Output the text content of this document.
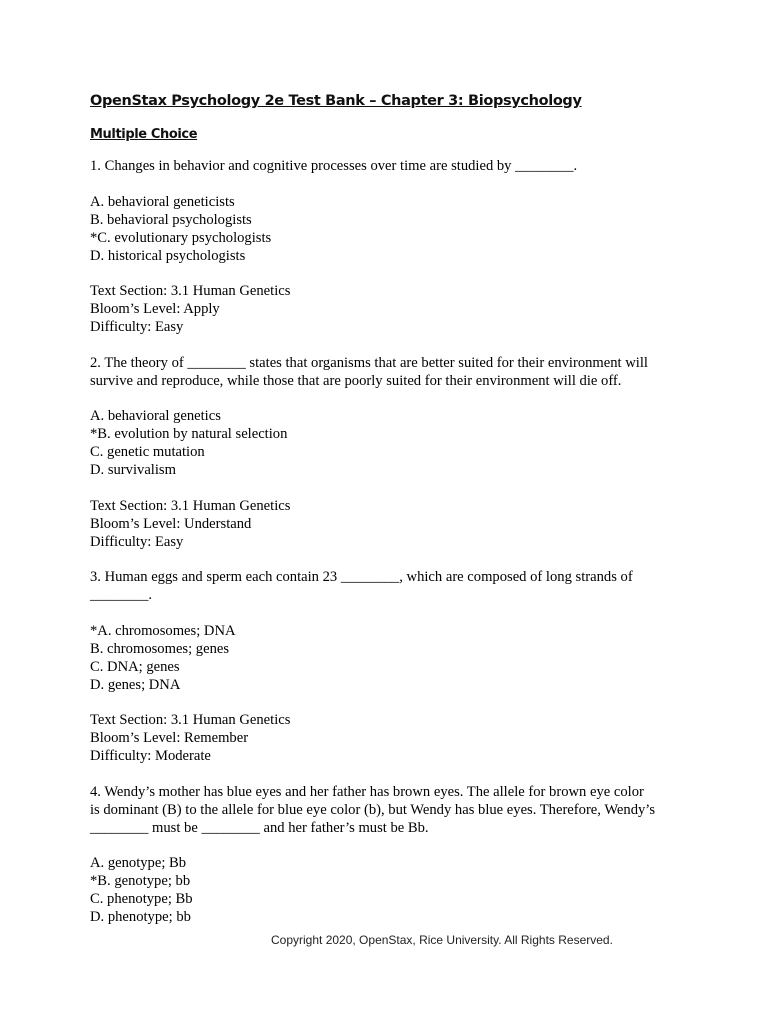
OpenStax Psychology 2e Test Bank – Chapter 3: Biopsychology
Multiple Choice
1. Changes in behavior and cognitive processes over time are studied by ________.
A. behavioral geneticists
B. behavioral psychologists
*C. evolutionary psychologists
D. historical psychologists
Text Section: 3.1 Human Genetics
Bloom’s Level: Apply
Difficulty: Easy
2. The theory of ________ states that organisms that are better suited for their environment will
survive and reproduce, while those that are poorly suited for their environment will die off.
A. behavioral genetics
*B. evolution by natural selection
C. genetic mutation
D. survivalism
Text Section: 3.1 Human Genetics
Bloom’s Level: Understand
Difficulty: Easy
3. Human eggs and sperm each contain 23 ________, which are composed of long strands of
________.
*A. chromosomes; DNA
B. chromosomes; genes
C. DNA; genes
D. genes; DNA
Text Section: 3.1 Human Genetics
Bloom’s Level: Remember
Difficulty: Moderate
4. Wendy’s mother has blue eyes and her father has brown eyes. The allele for brown eye color
is dominant (B) to the allele for blue eye color (b), but Wendy has blue eyes. Therefore, Wendy’s
________ must be ________ and her father’s must be Bb.
A. genotype; Bb
*B. genotype; bb
C. phenotype; Bb
D. phenotype; bb
Copyright 2020, OpenStax, Rice University. All Rights Reserved.
